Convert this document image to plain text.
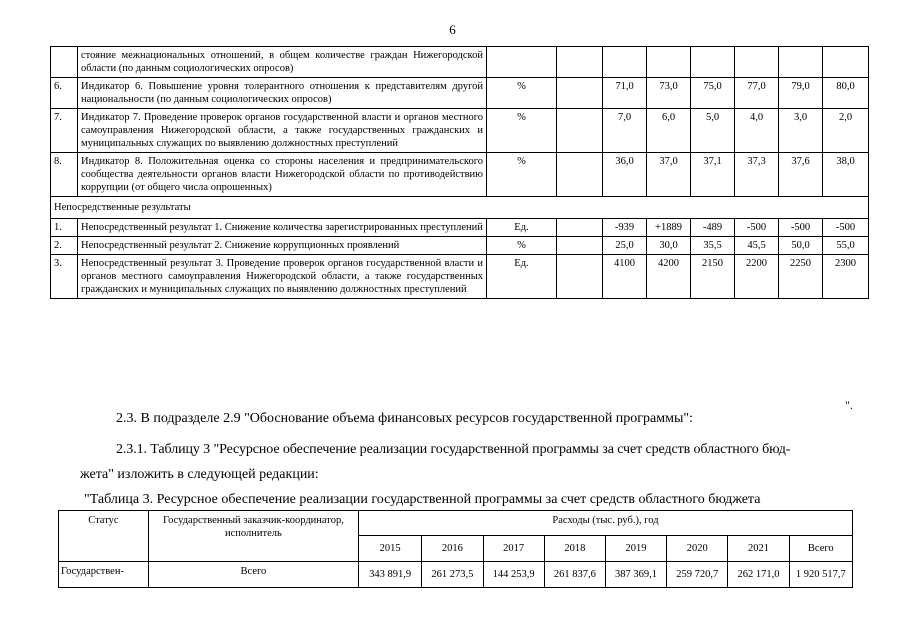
6
	стояние межнациональных отношений, в общем количестве граждан Нижегородской области (по данным социологических опросов)								
6.	Индикатор 6. Повышение уровня толерантного отношения к представителям другой национальности (по данным социологических опросов)	%		71,0	73,0	75,0	77,0	79,0	80,0
7.	Индикатор 7. Проведение проверок органов государственной власти и органов местного самоуправления Нижегородской области, а также государственных гражданских и муниципальных служащих по выявлению должностных преступлений	%		7,0	6,0	5,0	4,0	3,0	2,0
8.	Индикатор 8. Положительная оценка со стороны населения и предпринимательского сообщества деятельности органов власти Нижегородской области по противодействию коррупции (от общего числа опрошенных)	%		36,0	37,0	37,1	37,3	37,6	38,0
Непосредственные результаты									
1.	Непосредственный результат 1. Снижение количества зарегистрированных преступлений	Ед.		-939	+1889	-489	-500	-500	-500
2.	Непосредственный результат 2. Снижение коррупционных проявлений	%		25,0	30,0	35,5	45,5	50,0	55,0
3.	Непосредственный результат 3. Проведение проверок органов государственной власти и органов местного самоуправления Нижегородской области, а также государственных гражданских и муниципальных служащих по выявлению должностных преступлений	Ед.		4100	4200	2150	2200	2250	2300
".
2.3. В подразделе 2.9 "Обоснование объема финансовых ресурсов государственной программы":
2.3.1. Таблицу 3 "Ресурсное обеспечение реализации государственной программы за счет средств областного бюд-
жета" изложить в следующей редакции:
"Таблица 3. Ресурсное обеспечение реализации государственной программы за счет средств областного бюджета
Статус	Государственный заказчик-координатор, исполнитель	Расходы (тыс. руб.), год							
		2015	2016	2017	2018	2019	2020	2021	Всего
Государствен-	Всего	343 891,9	261 273,5	144 253,9	261 837,6	387 369,1	259 720,7	262 171,0	1 920 517,7
